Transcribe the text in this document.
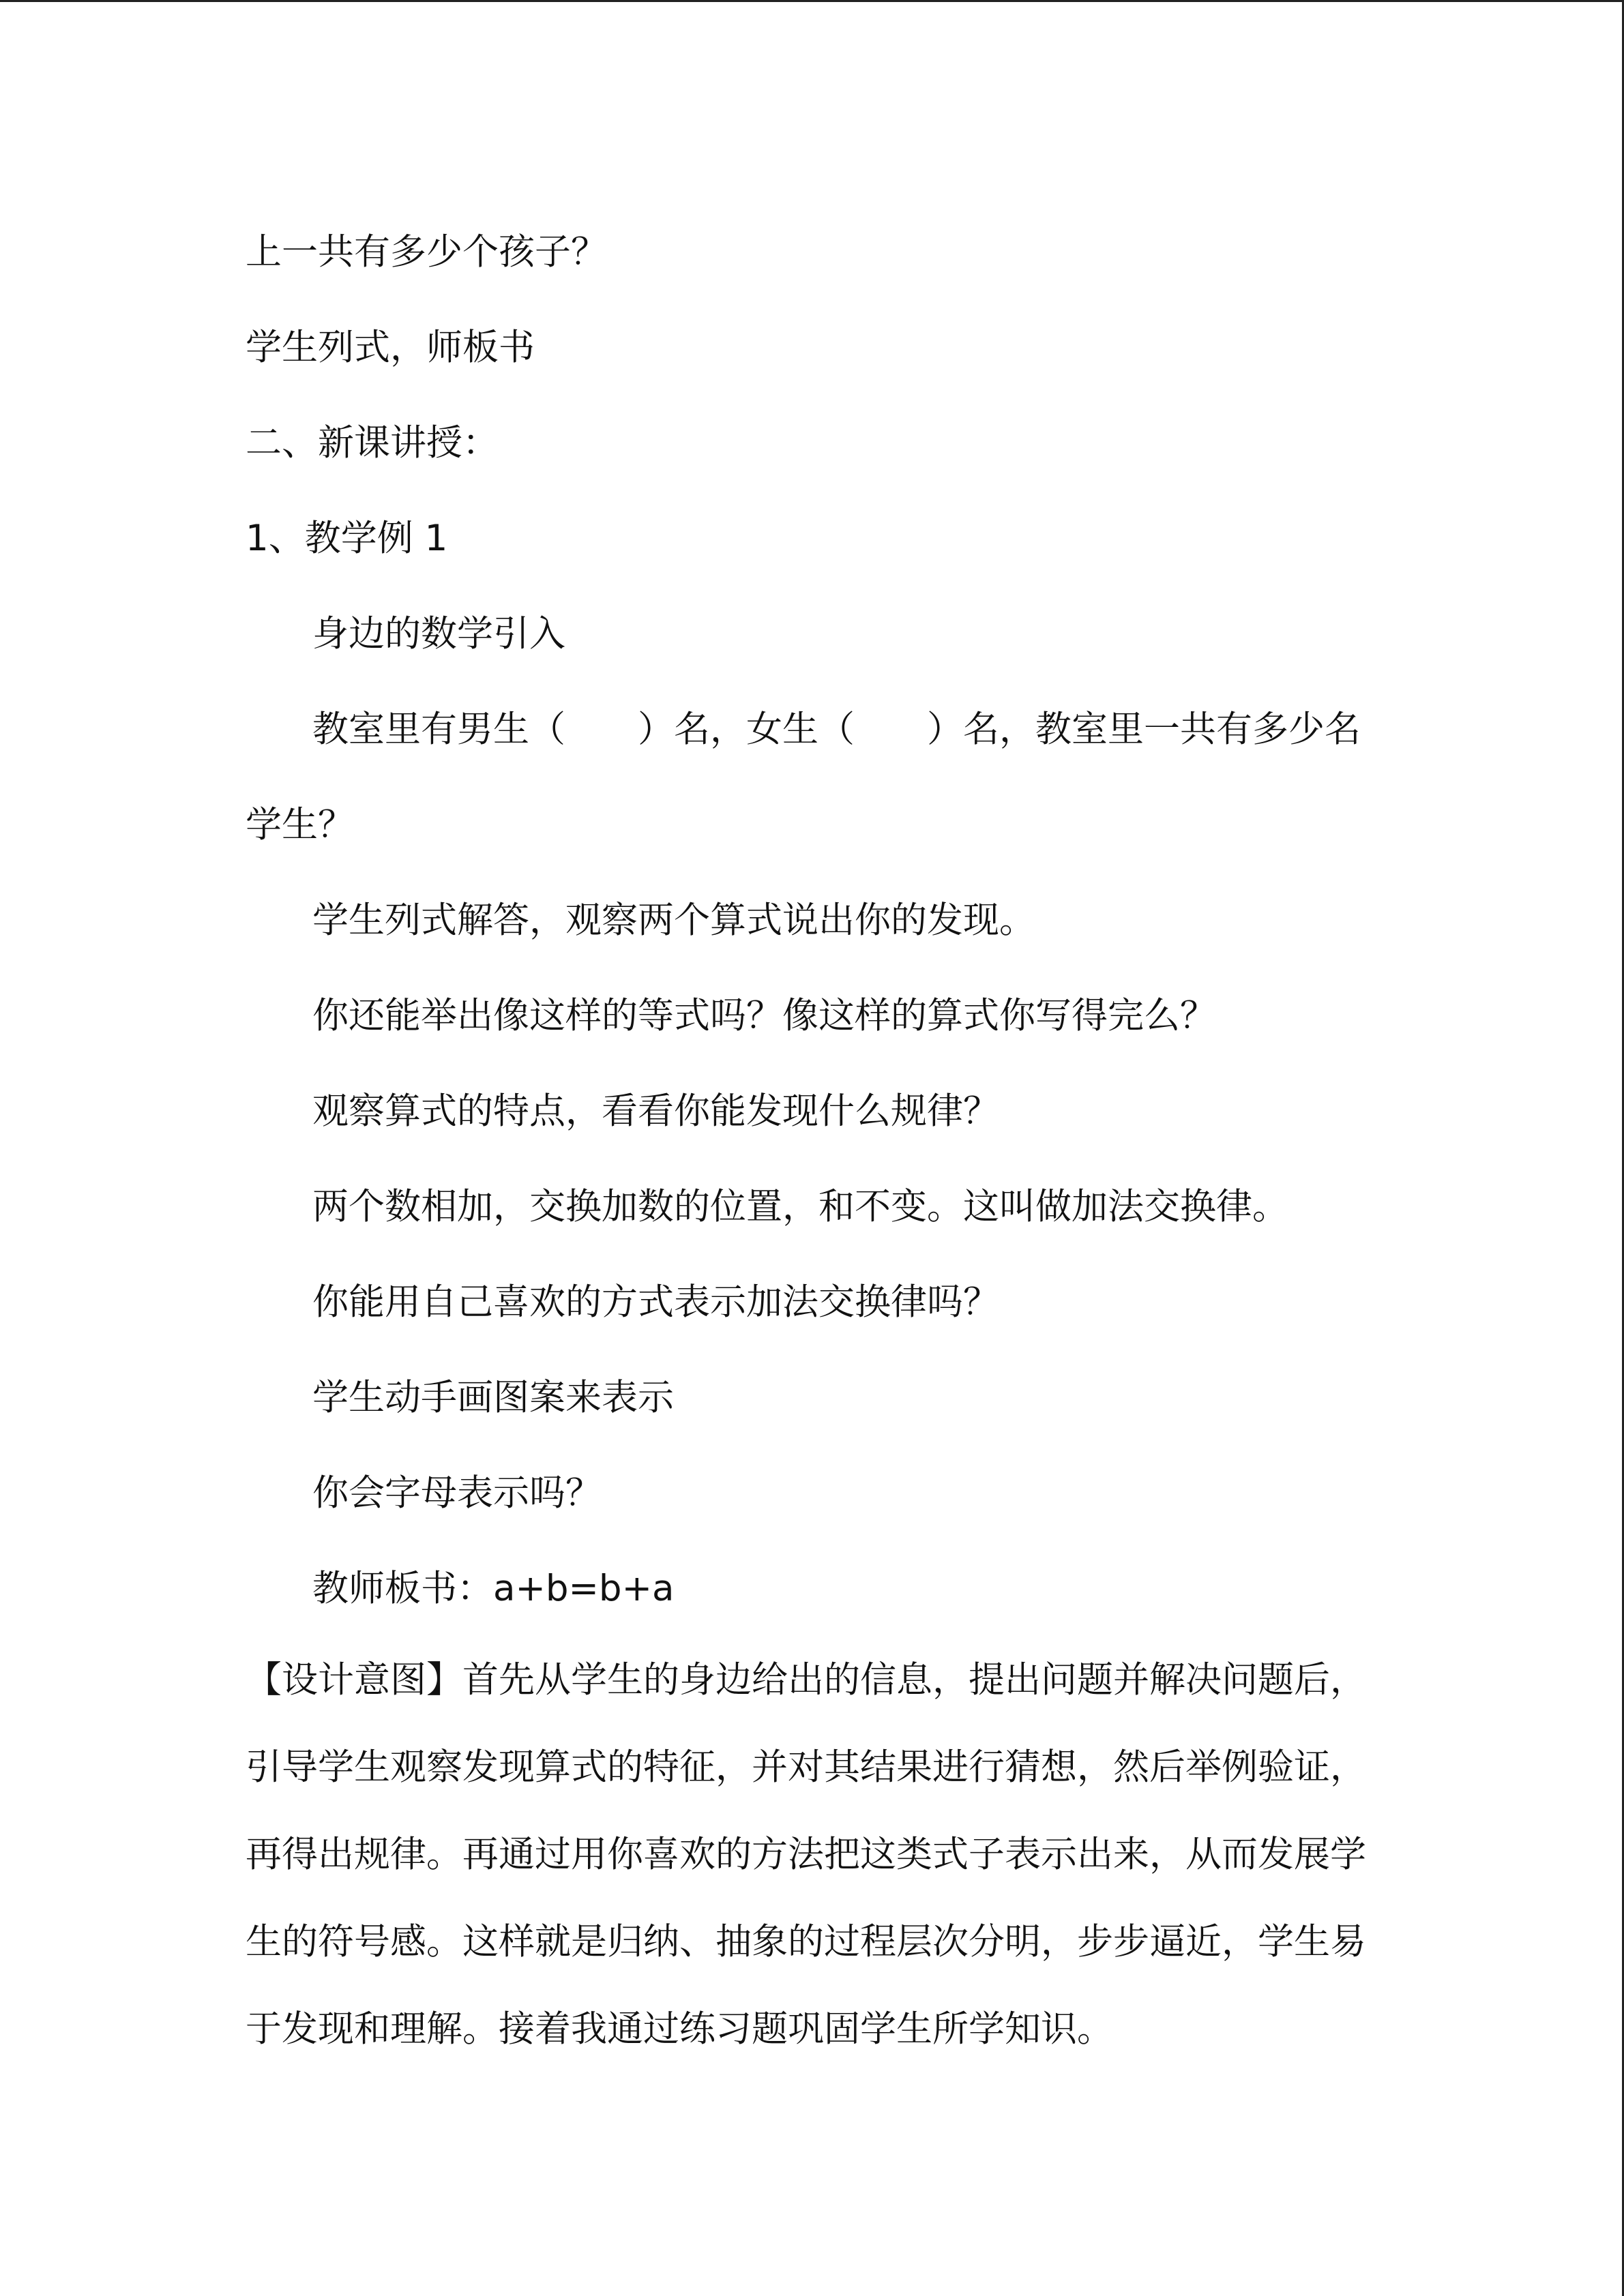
上一共有多少个孩子？

学生列式，师板书

二、新课讲授：

1、教学例 1

身边的数学引入

教室里有男生（　　）名，女生（　　）名，教室里一共有多少名学生？

学生列式解答，观察两个算式说出你的发现。

你还能举出像这样的等式吗？像这样的算式你写得完么？

观察算式的特点，看看你能发现什么规律？

两个数相加，交换加数的位置，和不变。这叫做加法交换律。

你能用自己喜欢的方式表示加法交换律吗？

学生动手画图案来表示

你会字母表示吗？

教师板书：a+b=b+a

【设计意图】首先从学生的身边给出的信息，提出问题并解决问题后，引导学生观察发现算式的特征，并对其结果进行猜想，然后举例验证，再得出规律。再通过用你喜欢的方法把这类式子表示出来，从而发展学生的符号感。这样就是归纳、抽象的过程层次分明，步步逼近，学生易于发现和理解。接着我通过练习题巩固学生所学知识。
